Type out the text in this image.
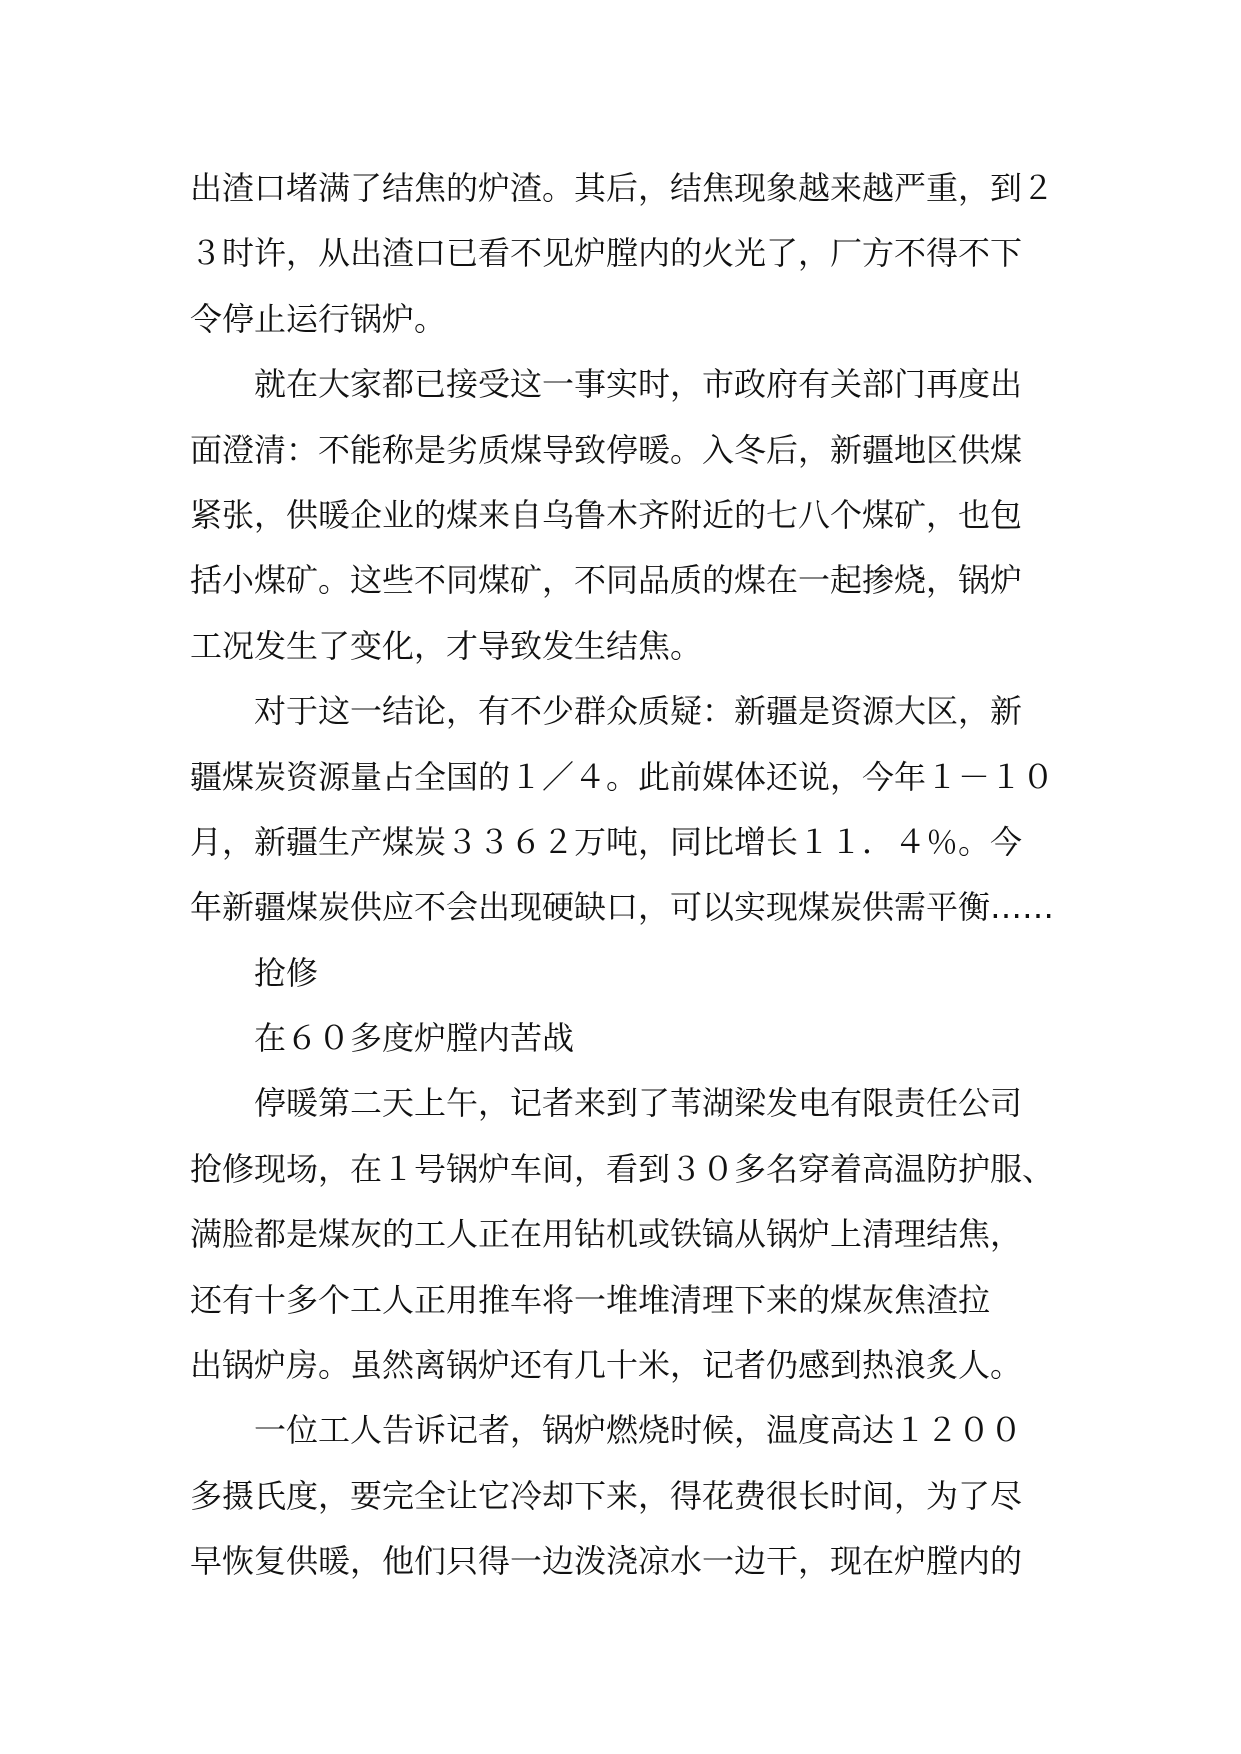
出渣口堵满了结焦的炉渣。其后，结焦现象越来越严重，到２
３时许，从出渣口已看不见炉膛内的火光了，厂方不得不下
令停止运行锅炉。
就在大家都已接受这一事实时，市政府有关部门再度出
面澄清：不能称是劣质煤导致停暖。入冬后，新疆地区供煤
紧张，供暖企业的煤来自乌鲁木齐附近的七八个煤矿，也包
括小煤矿。这些不同煤矿，不同品质的煤在一起掺烧，锅炉
工况发生了变化，才导致发生结焦。
对于这一结论，有不少群众质疑：新疆是资源大区，新
疆煤炭资源量占全国的１／４。此前媒体还说，今年１－１０
月，新疆生产煤炭３３６２万吨，同比增长１１．４％。今
年新疆煤炭供应不会出现硬缺口，可以实现煤炭供需平衡……
抢修
在６０多度炉膛内苦战
停暖第二天上午，记者来到了苇湖梁发电有限责任公司
抢修现场，在１号锅炉车间，看到３０多名穿着高温防护服、
满脸都是煤灰的工人正在用钻机或铁镐从锅炉上清理结焦，
还有十多个工人正用推车将一堆堆清理下来的煤灰焦渣拉
出锅炉房。虽然离锅炉还有几十米，记者仍感到热浪炙人。
一位工人告诉记者，锅炉燃烧时候，温度高达１２００
多摄氏度，要完全让它冷却下来，得花费很长时间，为了尽
早恢复供暖，他们只得一边泼浇凉水一边干，现在炉膛内的
